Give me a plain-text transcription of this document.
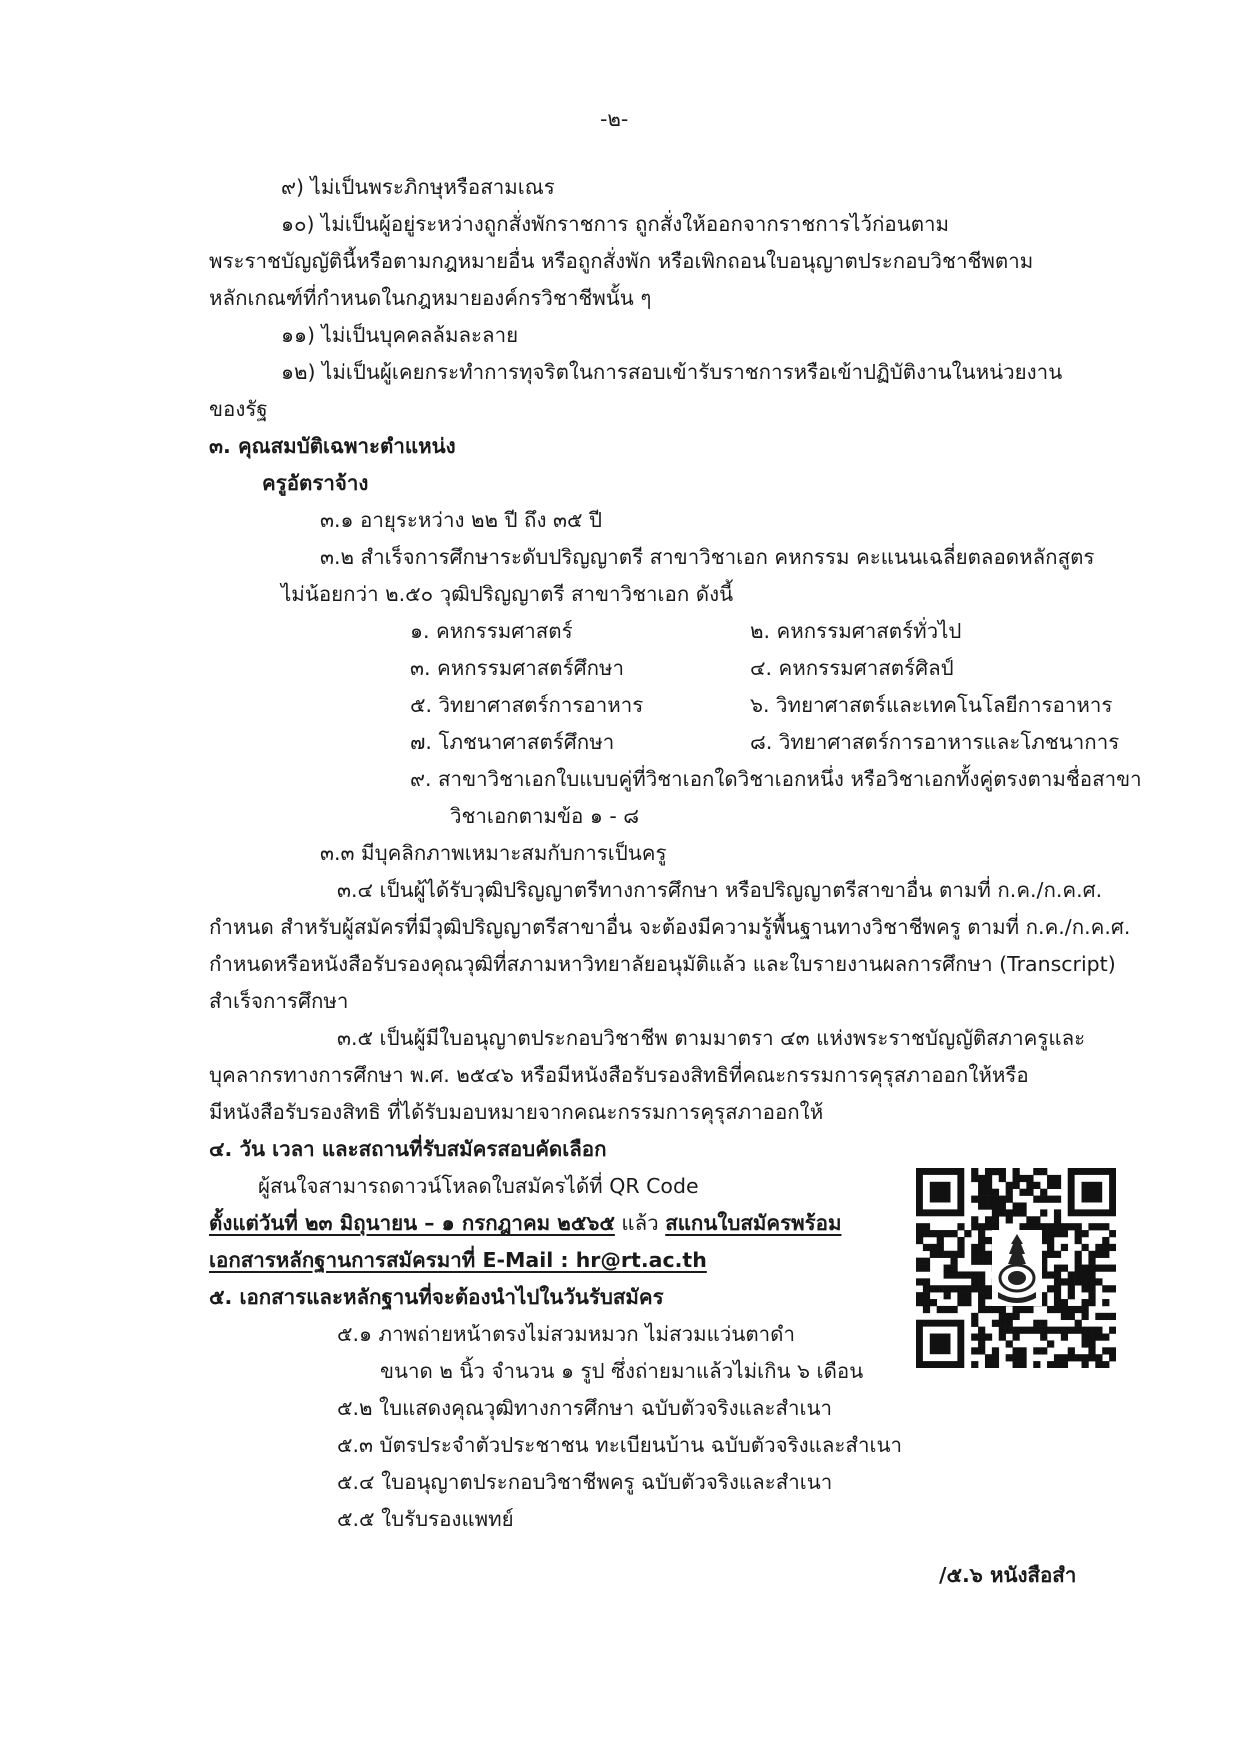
-๒-
๙) ไม่เป็นพระภิกษุหรือสามเณร
๑๐) ไม่เป็นผู้อยู่ระหว่างถูกสั่งพักราชการ ถูกสั่งให้ออกจากราชการไว้ก่อนตาม
พระราชบัญญัตินี้หรือตามกฎหมายอื่น หรือถูกสั่งพัก หรือเพิกถอนใบอนุญาตประกอบวิชาชีพตาม
หลักเกณฑ์ที่กำหนดในกฎหมายองค์กรวิชาชีพนั้น ๆ
๑๑) ไม่เป็นบุคคลล้มละลาย
๑๒) ไม่เป็นผู้เคยกระทำการทุจริตในการสอบเข้ารับราชการหรือเข้าปฏิบัติงานในหน่วยงาน
ของรัฐ
๓. คุณสมบัติเฉพาะตำแหน่ง
ครูอัตราจ้าง
๓.๑ อายุระหว่าง ๒๒ ปี ถึง ๓๕ ปี
๓.๒ สำเร็จการศึกษาระดับปริญญาตรี สาขาวิชาเอก คหกรรม คะแนนเฉลี่ยตลอดหลักสูตร
ไม่น้อยกว่า ๒.๕๐ วุฒิปริญญาตรี สาขาวิชาเอก ดังนี้
๑. คหกรรมศาสตร์	๒. คหกรรมศาสตร์ทั่วไป
๓. คหกรรมศาสตร์ศึกษา	๔. คหกรรมศาสตร์ศิลป์
๕. วิทยาศาสตร์การอาหาร	๖. วิทยาศาสตร์และเทคโนโลยีการอาหาร
๗. โภชนาศาสตร์ศึกษา	๘. วิทยาศาสตร์การอาหารและโภชนาการ
๙. สาขาวิชาเอกใบแบบคู่ที่วิชาเอกใดวิชาเอกหนึ่ง หรือวิชาเอกทั้งคู่ตรงตามชื่อสาขา
วิชาเอกตามข้อ ๑ - ๘
๓.๓ มีบุคลิกภาพเหมาะสมกับการเป็นครู
๓.๔ เป็นผู้ได้รับวุฒิปริญญาตรีทางการศึกษา หรือปริญญาตรีสาขาอื่น ตามที่ ก.ค./ก.ค.ศ.
กำหนด สำหรับผู้สมัครที่มีวุฒิปริญญาตรีสาขาอื่น จะต้องมีความรู้พื้นฐานทางวิชาชีพครู ตามที่ ก.ค./ก.ค.ศ.
กำหนดหรือหนังสือรับรองคุณวุฒิที่สภามหาวิทยาลัยอนุมัติแล้ว และใบรายงานผลการศึกษา (Transcript)
สำเร็จการศึกษา
๓.๕ เป็นผู้มีใบอนุญาตประกอบวิชาชีพ ตามมาตรา ๔๓ แห่งพระราชบัญญัติสภาครูและ
บุคลากรทางการศึกษา พ.ศ. ๒๕๔๖ หรือมีหนังสือรับรองสิทธิที่คณะกรรมการคุรุสภาออกให้หรือ
มีหนังสือรับรองสิทธิ ที่ได้รับมอบหมายจากคณะกรรมการคุรุสภาออกให้
๔. วัน เวลา และสถานที่รับสมัครสอบคัดเลือก
ผู้สนใจสามารถดาวน์โหลดใบสมัครได้ที่ QR Code
ตั้งแต่วันที่ ๒๓ มิถุนายน – ๑ กรกฎาคม ๒๕๖๕ แล้ว สแกนใบสมัครพร้อม
เอกสารหลักฐานการสมัครมาที่ E-Mail : hr@rt.ac.th
๕. เอกสารและหลักฐานที่จะต้องนำไปในวันรับสมัคร
๕.๑ ภาพถ่ายหน้าตรงไม่สวมหมวก ไม่สวมแว่นตาดำ
ขนาด ๒ นิ้ว จำนวน ๑ รูป ซึ่งถ่ายมาแล้วไม่เกิน ๖ เดือน
๕.๒ ใบแสดงคุณวุฒิทางการศึกษา ฉบับตัวจริงและสำเนา
๕.๓ บัตรประจำตัวประชาชน ทะเบียนบ้าน ฉบับตัวจริงและสำเนา
๕.๔ ใบอนุญาตประกอบวิชาชีพครู ฉบับตัวจริงและสำเนา
๕.๕ ใบรับรองแพทย์
/๕.๖ หนังสือสำ
